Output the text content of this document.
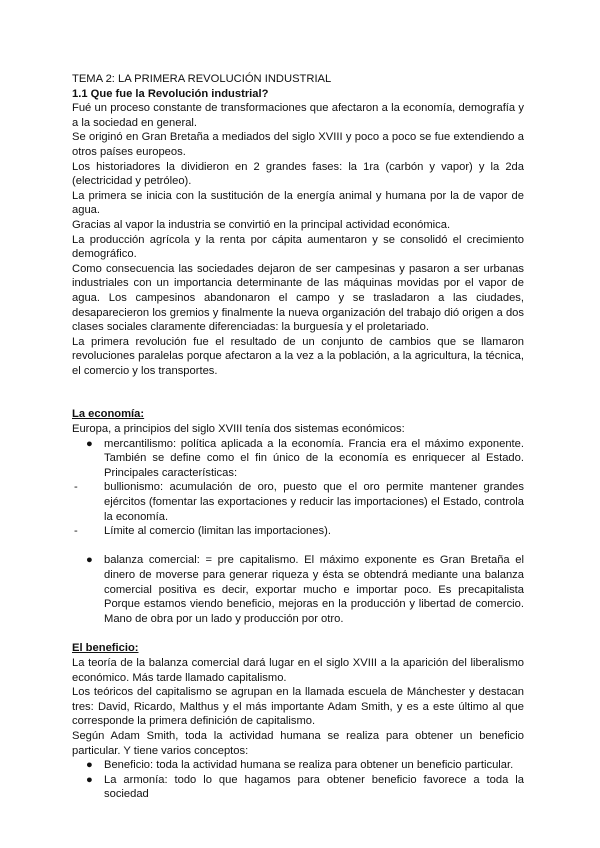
TEMA 2: LA PRIMERA REVOLUCIÓN INDUSTRIAL

1.1 Que fue la Revolución industrial?

Fué un proceso constante de transformaciones que afectaron a la economía, demografía y a la sociedad en general.

Se originó en Gran Bretaña a mediados del siglo XVIII y poco a poco se fue extendiendo a otros países europeos.

Los historiadores la dividieron en 2 grandes fases: la 1ra (carbón y vapor) y la 2da (electricidad y petróleo).

La primera se inicia con la sustitución de la energía animal y humana por la de vapor de agua.

Gracias al vapor la industria se convirtió en la principal actividad económica.

La producción agrícola y la renta por cápita aumentaron y se consolidó el crecimiento demográfico.

Como consecuencia las sociedades dejaron de ser campesinas y pasaron a ser urbanas industriales con un importancia determinante de las máquinas movidas por el vapor de agua. Los campesinos abandonaron el campo y se trasladaron a las ciudades, desaparecieron los gremios y finalmente la nueva organización del trabajo dió origen a dos clases sociales claramente diferenciadas: la burguesía y el proletariado.

La primera revolución fue el resultado de un conjunto de cambios que se llamaron revoluciones paralelas porque afectaron a la vez a la población, a la agricultura, la técnica, el comercio y los transportes.

La economía:

Europa, a principios del siglo XVIII tenía dos sistemas económicos:

● mercantilismo: política aplicada a la economía. Francia era el máximo exponente. También se define como el fin único de la economía es enriquecer al Estado. Principales características:
- bullionismo: acumulación de oro, puesto que el oro permite mantener grandes ejércitos (fomentar las exportaciones y reducir las importaciones) el Estado, controla la economía.
- Límite al comercio (limitan las importaciones).
● balanza comercial: = pre capitalismo. El máximo exponente es Gran Bretaña el dinero de moverse para generar riqueza y ésta se obtendrá mediante una balanza comercial positiva es decir, exportar mucho e importar poco. Es precapitalista Porque estamos viendo beneficio, mejoras en la producción y libertad de comercio. Mano de obra por un lado y producción por otro.

El beneficio:

La teoría de la balanza comercial dará lugar en el siglo XVIII a la aparición del liberalismo económico. Más tarde llamado capitalismo.

Los teóricos del capitalismo se agrupan en la llamada escuela de Mánchester y destacan tres: David, Ricardo, Malthus y el más importante Adam Smith, y es a este último al que corresponde la primera definición de capitalismo.

Según Adam Smith, toda la actividad humana se realiza para obtener un beneficio particular. Y tiene varios conceptos:

● Beneficio: toda la actividad humana se realiza para obtener un beneficio particular.
● La armonía: todo lo que hagamos para obtener beneficio favorece a toda la sociedad
